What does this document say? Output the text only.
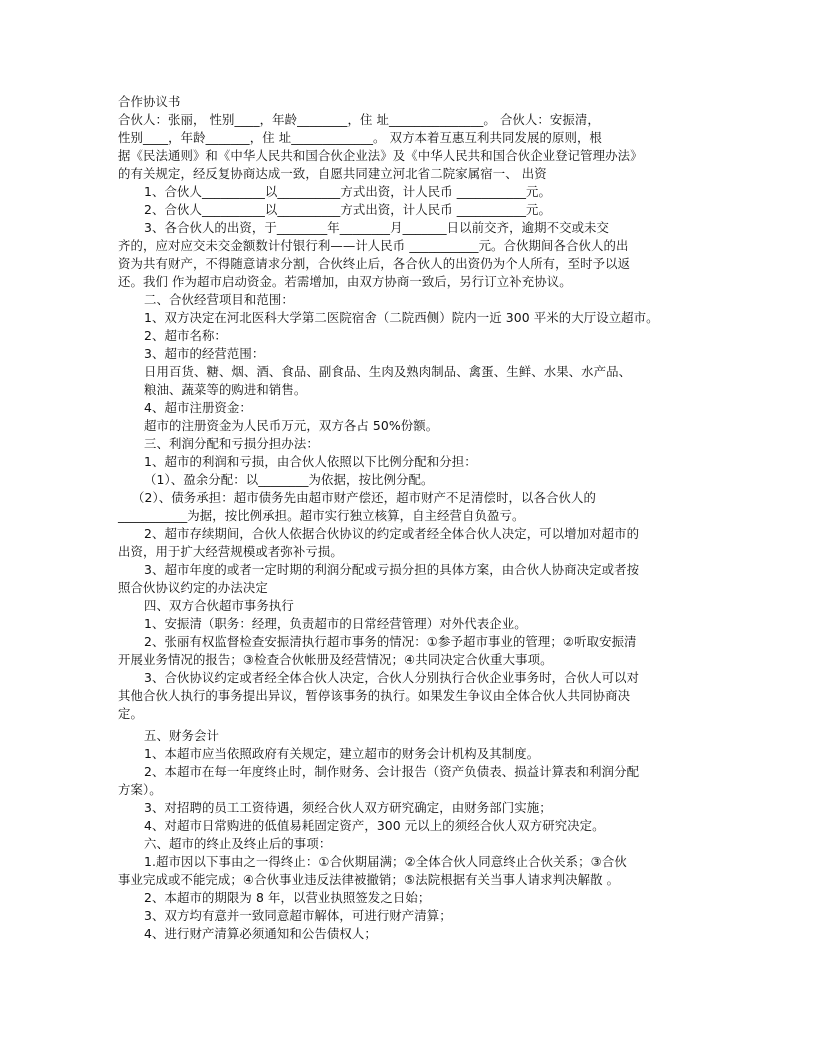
合作协议书
合伙人：张丽， 性别____，年龄________，住 址_______________。 合伙人：安振清，
性别____，年龄_______，住 址_____________。 双方本着互惠互利共同发展的原则，根
据《民法通则》和《中华人民共和国合伙企业法》及《中华人民共和国合伙企业登记管理办法》
的有关规定，经反复协商达成一致，自愿共同建立河北省二院家属宿一、 出资
1、合伙人__________以__________方式出资，计人民币 ___________元。
2、合伙人__________以__________方式出资，计人民币 ___________元。
3、各合伙人的出资，于________年________月_______日以前交齐，逾期不交或未交
齐的，应对应交未交金额数计付银行利——计人民币 ___________元。合伙期间各合伙人的出
资为共有财产，不得随意请求分割，合伙终止后，各合伙人的出资仍为个人所有，至时予以返
还。我们 作为超市启动资金。若需增加，由双方协商一致后，另行订立补充协议。
二、合伙经营项目和范围：
1、双方决定在河北医科大学第二医院宿舍（二院西侧）院内一近 300 平米的大厅设立超市。
2、超市名称：
3、超市的经营范围：
日用百货、糖、烟、酒、食品、副食品、生肉及熟肉制品、禽蛋、生鲜、水果、水产品、
粮油、蔬菜等的购进和销售。
4、超市注册资金：
超市的注册资金为人民币万元，双方各占 50%份额。
三、利润分配和亏损分担办法：
1、超市的利润和亏损，由合伙人依照以下比例分配和分担：
（1）、盈余分配：以________为依据，按比例分配。
（2）、债务承担：超市债务先由超市财产偿还，超市财产不足清偿时，以各合伙人的
___________为据，按比例承担。超市实行独立核算，自主经营自负盈亏。
2、超市存续期间，合伙人依据合伙协议的约定或者经全体合伙人决定，可以增加对超市的
出资，用于扩大经营规模或者弥补亏损。
3、超市年度的或者一定时期的利润分配或亏损分担的具体方案，由合伙人协商决定或者按
照合伙协议约定的办法决定
四、双方合伙超市事务执行
1、安振清（职务：经理，负责超市的日常经营管理）对外代表企业。
2、张丽有权监督检查安振清执行超市事务的情况：①参予超市事业的管理；②听取安振清
开展业务情况的报告；③检查合伙帐册及经营情况；④共同决定合伙重大事项。
3、合伙协议约定或者经全体合伙人决定，合伙人分别执行合伙企业事务时，合伙人可以对
其他合伙人执行的事务提出异议，暂停该事务的执行。如果发生争议由全体合伙人共同协商决
定。
五、财务会计
1、本超市应当依照政府有关规定，建立超市的财务会计机构及其制度。
2、本超市在每一年度终止时，制作财务、会计报告（资产负债表、损益计算表和利润分配
方案）。
3、对招聘的员工工资待遇，须经合伙人双方研究确定，由财务部门实施；
4、对超市日常购进的低值易耗固定资产，300 元以上的须经合伙人双方研究决定。
六、超市的终止及终止后的事项：
1.超市因以下事由之一得终止：①合伙期届满；②全体合伙人同意终止合伙关系；③合伙
事业完成或不能完成；④合伙事业违反法律被撤销；⑤法院根据有关当事人请求判决解散 。
2、本超市的期限为 8 年，以营业执照签发之日始；
3、双方均有意并一致同意超市解体，可进行财产清算；
4、进行财产清算必须通知和公告债权人；
